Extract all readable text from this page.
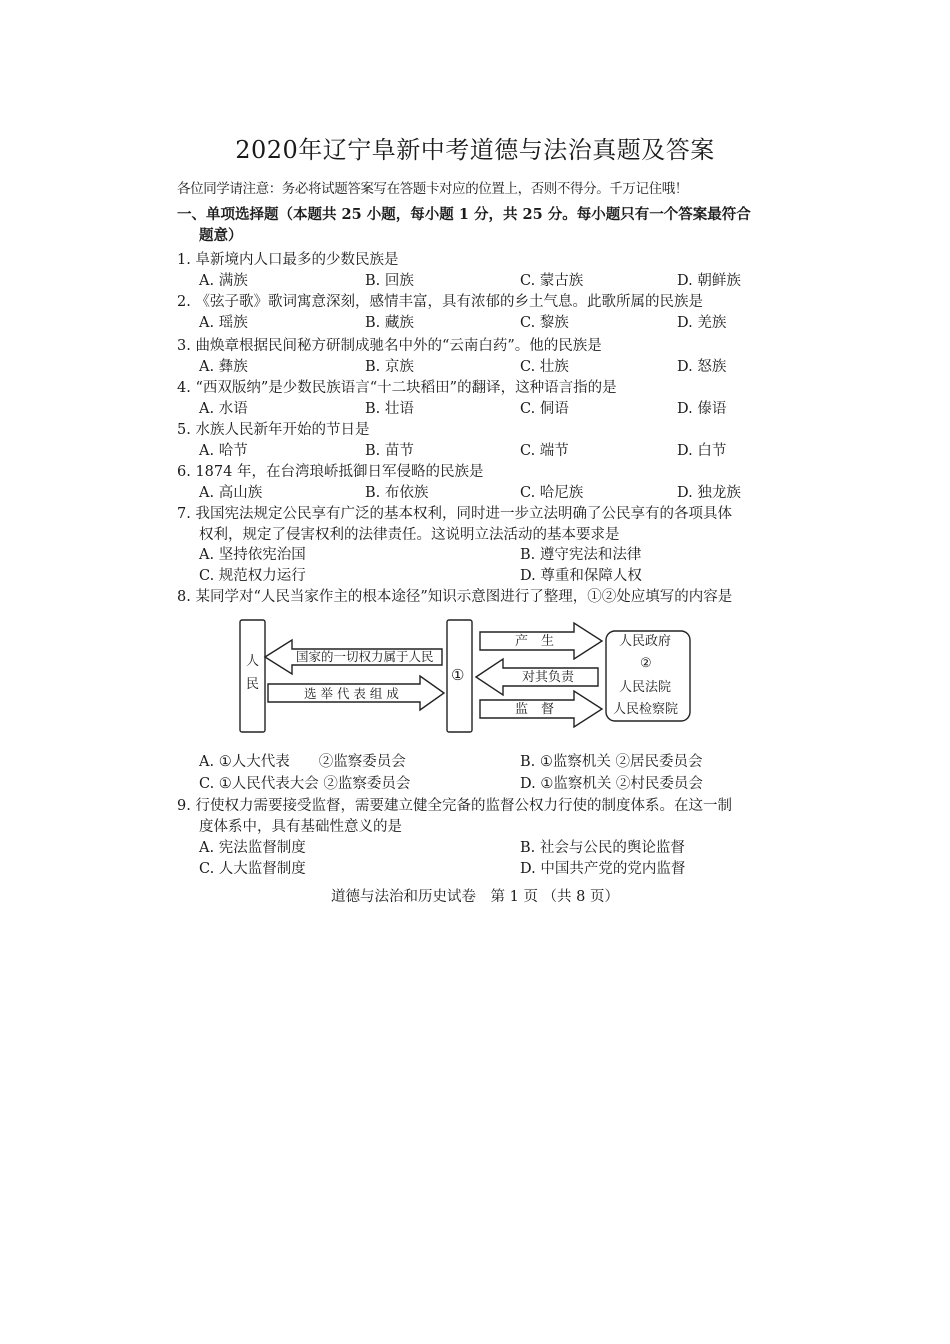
2020年辽宁阜新中考道德与法治真题及答案
各位同学请注意：务必将试题答案写在答题卡对应的位置上，否则不得分。千万记住哦！
一、单项选择题（本题共 25 小题，每小题 1 分，共 25 分。每小题只有一个答案最符合
题意）
1. 阜新境内人口最多的少数民族是
A. 满族	B. 回族	C. 蒙古族	D. 朝鲜族
2. 《弦子歌》歌词寓意深刻，感情丰富，具有浓郁的乡土气息。此歌所属的民族是
A. 瑶族	B. 藏族	C. 黎族	D. 羌族
3. 曲焕章根据民间秘方研制成驰名中外的“云南白药”。他的民族是
A. 彝族	B. 京族	C. 壮族	D. 怒族
4. “西双版纳”是少数民族语言“十二块稻田”的翻译，这种语言指的是
A. 水语	B. 壮语	C. 侗语	D. 傣语
5. 水族人民新年开始的节日是
A. 哈节	B. 苗节	C. 端节	D. 白节
6. 1874 年，在台湾琅峤抵御日军侵略的民族是
A. 高山族	B. 布依族	C. 哈尼族	D. 独龙族
7. 我国宪法规定公民享有广泛的基本权利，同时进一步立法明确了公民享有的各项具体
权利，规定了侵害权利的法律责任。这说明立法活动的基本要求是
A. 坚持依宪治国	B. 遵守宪法和法律
C. 规范权力运行	D. 尊重和保障人权
8. 某同学对“人民当家作主的根本途径”知识示意图进行了整理，①②处应填写的内容是
人
民
国家的一切权力属于人民
选 举 代 表 组 成
①
产　生
对其负责
监　督
人民政府
②
人民法院
人民检察院
A. ①人大代表　　②监察委员会	B. ①监察机关 ②居民委员会
C. ①人民代表大会 ②监察委员会	D. ①监察机关 ②村民委员会
9. 行使权力需要接受监督，需要建立健全完备的监督公权力行使的制度体系。在这一制
度体系中，具有基础性意义的是
A. 宪法监督制度	B. 社会与公民的舆论监督
C. 人大监督制度	D. 中国共产党的党内监督
道德与法治和历史试卷　第 1 页 （共 8 页）
